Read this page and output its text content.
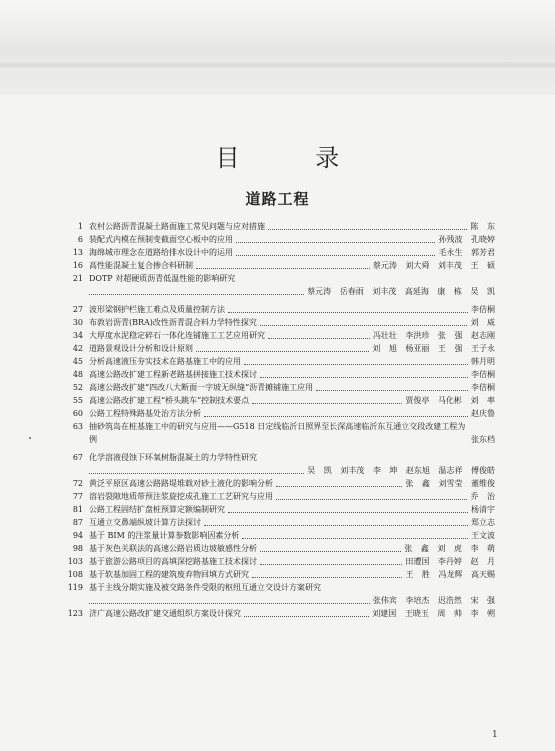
目 录
道路工程
1 农村公路沥青混凝土路面施工常见问题与应对措施	陈 东
6 装配式内模在预制变截面空心板中的应用	孙残波 孔晓婷
13 海绵城市理念在道路给排水设计中的运用	毛永生 郭芳君
16 高性能混凝土复合掺合料研制	蔡元涛 刘大舜 刘丰茂 王 硕
21 DOTP 对超硬质沥青低温性能的影响研究
蔡元涛 岳春雨 刘丰茂 高延海 康 栋 吴 凯
27 波形梁钢护栏施工难点及质量控制方法	李佶桐
30 布敦岩沥青(BRA)改性沥青混合料力学特性探究	刘 威
34 大厚度水泥稳定碎石一体化连铺施工工艺应用研究	冯壮壮 李洪珍 张 强 赵志刚
42 道路景观设计分析和设计原则	刘 旭 杨亚丽 王 强 王子永
45 分析高速液压夯实技术在路基施工中的应用	韩月明
48 高速公路改扩建工程新老路基拼接施工技术探讨	李佶桐
52 高速公路改扩建“四改八大断面一字坡无纵缝”沥青摊铺施工应用	李佶桐
55 高速公路改扩建工程“桥头跳车”控制技术要点	贾俊亭 马化彬 刘 率
60 公路工程特殊路基处治方法分析	赵庆鲁
63 抽砂筑岛在桩基施工中的研究与应用——G518 日定线临沂日照界至长深高速临沂东互通立交段改建工程为例	张东档
67 化学溶液侵蚀下环氧树脂混凝土的力学特性研究
吴 凯 刘丰茂 李 坤 赵东旭 温志祥 傅俊皓
72 黄泛平原区高速公路路堤堆载对砂土液化的影响分析	张 鑫 刘雪莹 董维俊
77 溶岩裂隙地质带预注浆旋挖成孔施工工艺研究与应用	乔 治
81 公路工程固结扩盘桩预算定额编制研究	杨清宇
87 互通立交鼻端纵坡计算方法探讨	郑立志
94 基于 BIM 的注浆量计算参数影响因素分析	王文波
98 基于灰色关联法的高速公路岩质边坡敏感性分析	张 鑫 刘 虎 李 萌
103 基于旅游公路项目的高填深挖路基施工技术探讨	田遭国 李丹婷 赵 月
108 基于软基加固工程的建筑废弃物回填方式研究	王 胜 冯龙辉 高天赐
119 基于主线分期实施及被交路条件受限的枢纽互通立交设计方案研究
张伟宾 李培杰 迟浩然 宋 强
123 济广高速公路改扩建交通组织方案设计探究	刘建国 王晓玉 周 帅 李 朔
1
